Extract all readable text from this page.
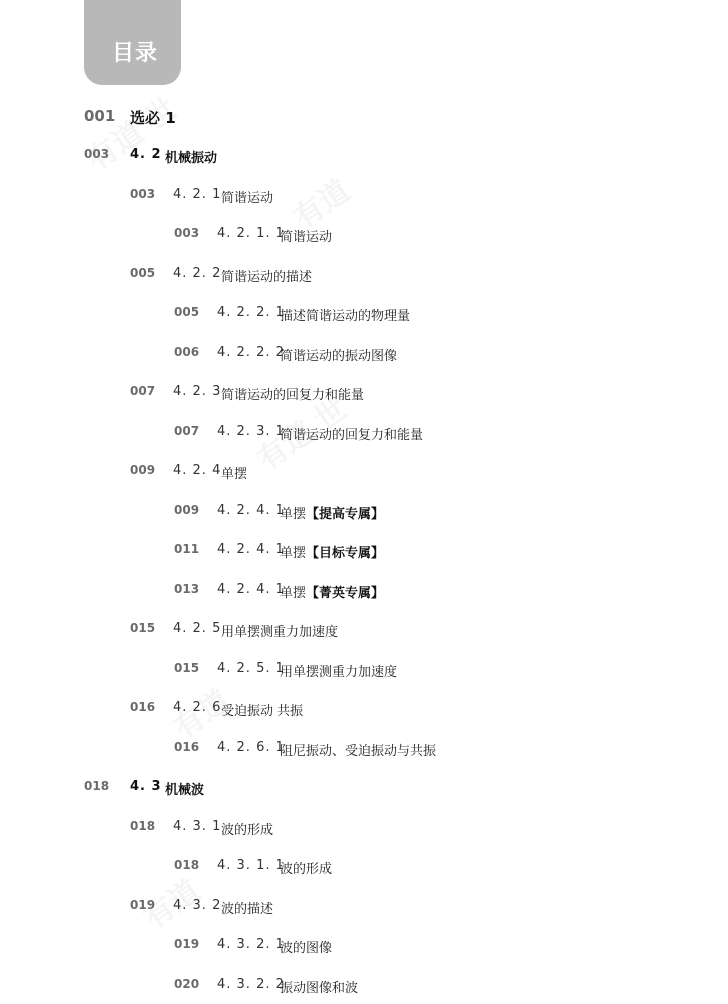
目录
001 选必 1
003 4. 2 机械振动
003 4. 2. 1 简谐运动
003 4. 2. 1. 1
简谐运动
005 4. 2. 2 简谐运动的描述
005 4. 2. 2. 1
描述简谐运动的物理量
006 4. 2. 2. 2
简谐运动的振动图像
007 4. 2. 3 简谐运动的回复力和能量
007 4. 2. 3. 1
简谐运动的回复力和能量
009 4. 2. 4 单摆
009 4. 2. 4. 1
单摆【提高专属】
011 4. 2. 4. 1
单摆【目标专属】
013 4. 2. 4. 1
单摆【菁英专属】
015 4. 2. 5 用单摆测重力加速度
015 4. 2. 5. 1
用单摆测重力加速度
016 4. 2. 6 受迫振动 共振
016 4. 2. 6. 1
阻尼振动、受迫振动与共振
018 4. 3 机械波
018 4. 3. 1 波的形成
018 4. 3. 1. 1
波的形成
019 4. 3. 2 波的描述
019 4. 3. 2. 1
波的图像
020 4. 3. 2. 2
振动图像和波
